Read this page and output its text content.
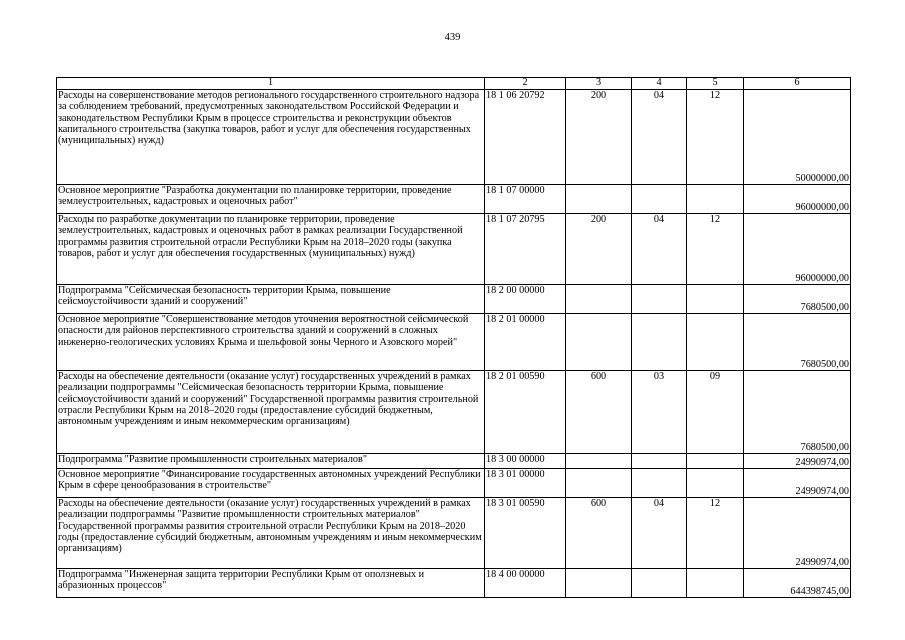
439
1	2	3	4	5	6
Расходы на совершенствование методов регионального государственного строительного надзора за соблюдением требований, предусмотренных законодательством Российской Федерации и законодательством Республики Крым в процессе строительства и реконструкции объектов капитального строительства (закупка товаров, работ и услуг для обеспечения государственных (муниципальных) нужд)	18 1 06 20792	200	04	12	50000000,00
Основное мероприятие "Разработка документации по планировке территории, проведение землеустроительных, кадастровых и оценочных работ"	18 1 07 00000				96000000,00
Расходы по разработке документации по планировке территории, проведение землеустроительных, кадастровых и оценочных работ в рамках реализации Государственной программы развития строительной отрасли Республики Крым на 2018–2020 годы (закупка товаров, работ и услуг для обеспечения государственных (муниципальных) нужд)	18 1 07 20795	200	04	12	96000000,00
Подпрограмма "Сейсмическая безопасность территории Крыма, повышение сейсмоустойчивости зданий и сооружений"	18 2 00 00000				7680500,00
Основное мероприятие "Совершенствование методов уточнения вероятностной сейсмической опасности для районов перспективного строительства зданий и сооружений в сложных инженерно-геологических условиях Крыма и шельфовой зоны Черного и Азовского морей"	18 2 01 00000				7680500,00
Расходы на обеспечение деятельности (оказание услуг) государственных учреждений в рамках реализации подпрограммы "Сейсмическая безопасность территории Крыма, повышение сейсмоустойчивости зданий и сооружений" Государственной программы развития строительной отрасли Республики Крым на 2018–2020 годы (предоставление субсидий бюджетным, автономным учреждениям и иным некоммерческим организациям)	18 2 01 00590	600	03	09	7680500,00
Подпрограмма "Развитие промышленности строительных материалов"	18 3 00 00000				24990974,00
Основное мероприятие "Финансирование государственных автономных учреждений Республики Крым в сфере ценообразования в строительстве"	18 3 01 00000				24990974,00
Расходы на обеспечение деятельности (оказание услуг) государственных учреждений в рамках реализации подпрограммы "Развитие промышленности строительных материалов" Государственной программы развития строительной отрасли Республики Крым на 2018–2020 годы (предоставление субсидий бюджетным, автономным учреждениям и иным некоммерческим организациям)	18 3 01 00590	600	04	12	24990974,00
Подпрограмма "Инженерная защита территории Республики Крым от оползневых и абразионных процессов"	18 4 00 00000				644398745,00
